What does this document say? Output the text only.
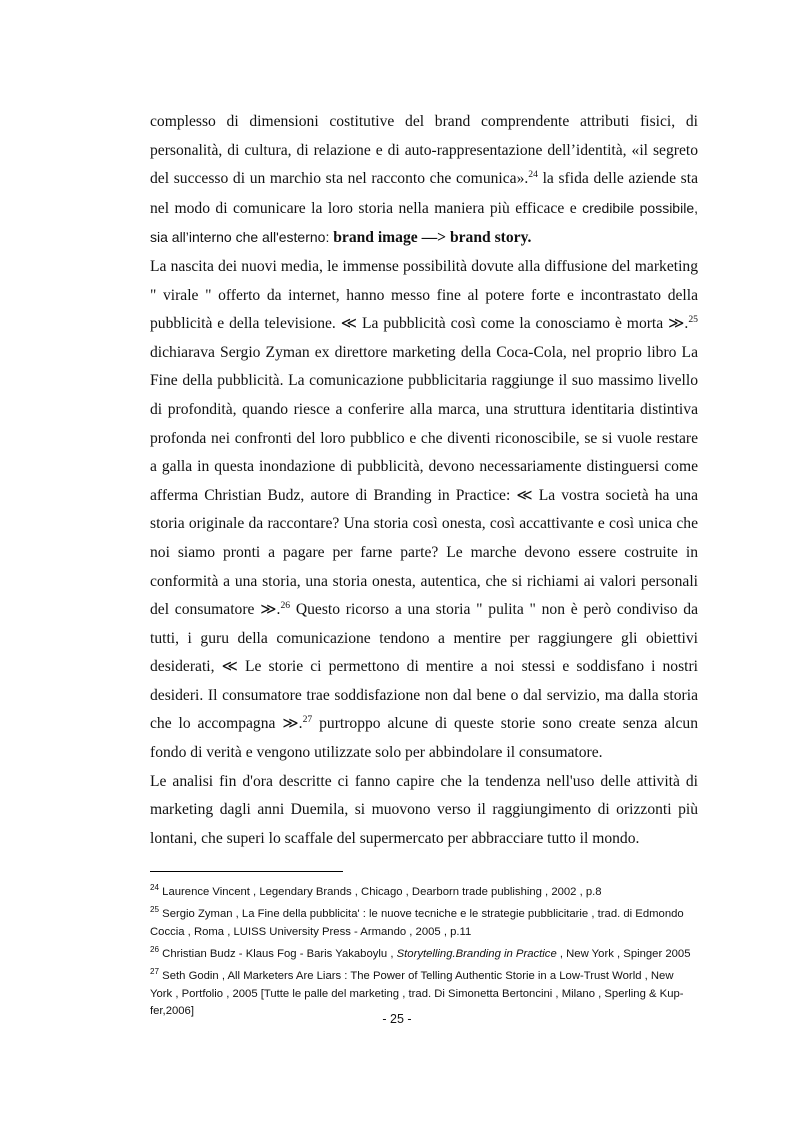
complesso di dimensioni costitutive del brand comprendente attributi fisici, di personalità, di cultura, di relazione e di auto-rappresentazione dell’identità, «il segreto del successo di un marchio sta nel racconto che comunica».$^{24}$ la sfida delle aziende sta nel modo di comunicare la loro storia nella maniera più efficace e credibile possibile, sia all’interno che all'esterno: brand image —> brand story.

La nascita dei nuovi media, le immense possibilità dovute alla diffusione del marketing " virale " offerto da internet, hanno messo fine al potere forte e incontrastato della pubblicità e della televisione. ≪ La pubblicità così come la conosciamo è morta ≫.$^{25}$ dichiarava Sergio Zyman ex direttore marketing della Coca-Cola, nel proprio libro La Fine della pubblicità. La comunicazione pubblicitaria raggiunge il suo massimo livello di profondità, quando riesce a conferire alla marca, una struttura identitaria distintiva profonda nei confronti del loro pubblico e che diventi riconoscibile, se si vuole restare a galla in questa inondazione di pubblicità, devono necessariamente distinguersi come afferma Christian Budz, autore di Branding in Practice: ≪ La vostra società ha una storia originale da raccontare? Una storia così onesta, così accattivante e così unica che noi siamo pronti a pagare per farne parte? Le marche devono essere costruite in conformità a una storia, una storia onesta, autentica, che si richiami ai valori personali del consumatore ≫.$^{26}$ Questo ricorso a una storia " pulita " non è però condiviso da tutti, i guru della comunicazione tendono a mentire per raggiungere gli obiettivi desiderati, ≪ Le storie ci permettono di mentire a noi stessi e soddisfano i nostri desideri. Il consumatore trae soddisfazione non dal bene o dal servizio, ma dalla storia che lo accompagna ≫.$^{27}$ purtroppo alcune di queste storie sono create senza alcun fondo di verità e vengono utilizzate solo per abbindolare il consumatore.

Le analisi fin d'ora descritte ci fanno capire che la tendenza nell'uso delle attività di marketing dagli anni Duemila, si muovono verso il raggiungimento di orizzonti più lontani, che superi lo scaffale del supermercato per abbracciare tutto il mondo.

$^{24}$ Laurence Vincent , Legendary Brands , Chicago , Dearborn trade publishing , 2002 , p.8

$^{25}$ Sergio Zyman , La Fine della pubblicita' : le nuove tecniche e le strategie pubblicitarie , trad. di Edmondo Coccia , Roma , LUISS University Press - Armando , 2005 , p.11

$^{26}$ Christian Budz - Klaus Fog - Baris Yakaboylu , Storytelling.Branding in Practice , New York , Spinger 2005

$^{27}$ Seth Godin , All Marketers Are Liars : The Power of Telling Authentic Storie in a Low-Trust World , New York , Portfolio , 2005 [Tutte le palle del marketing , trad. Di Simonetta Bertoncini , Milano , Sperling & Kup-fer,2006]

- 25 -
